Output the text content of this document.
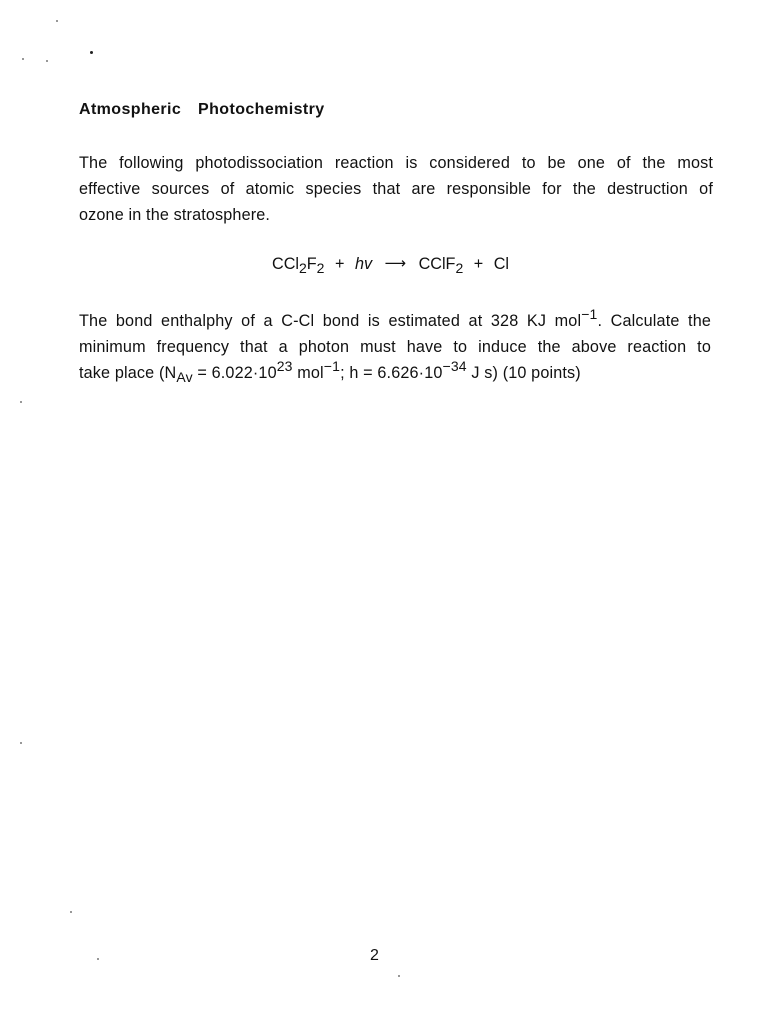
Atmospheric Photochemistry
The following photodissociation reaction is considered to be one of the most
effective sources of atomic species that are responsible for the destruction of
ozone in the stratosphere.
$CCl_2F_2$ + hv ⟶ CClF$_2$ + Cl
The bond enthalphy of a C-Cl bond is estimated at 328 KJ mol$^{-1}$. Calculate the
minimum frequency that a photon must have to induce the above reaction to
take place ($N_{Av} = 6.022\cdot 10^{23}$ mol$^{-1}$; $h = 6.626\cdot 10^{-34}$ J s) (10 points)
2
